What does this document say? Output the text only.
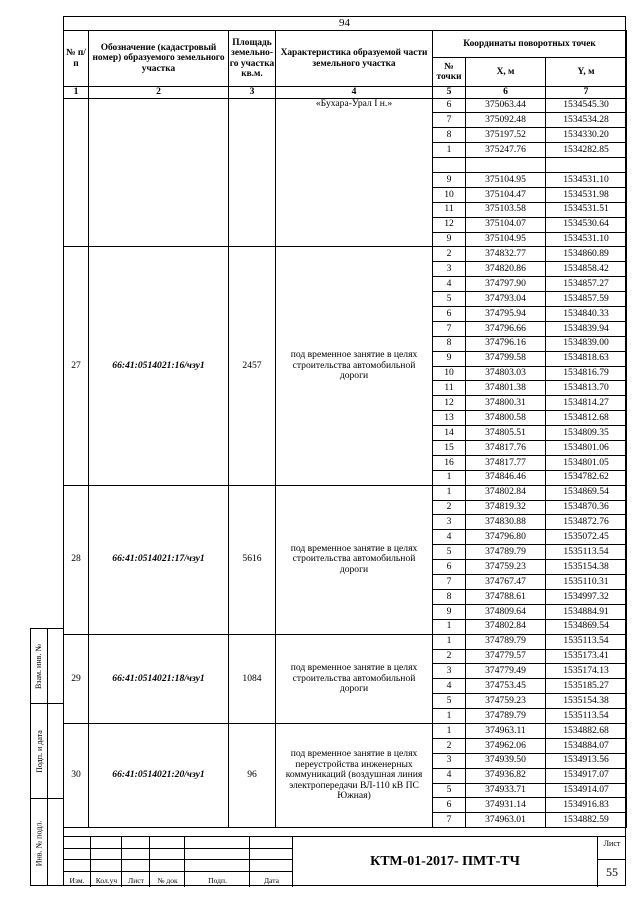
94
№ п/п	Обозначение (кадастровый номер) образуемого земельного участка	Площадь земельно-го участка кв.м.	Характеристика образуемой части земельного участка	Координаты поворотных точек		
				№ точки	X, м	Y, м
1	2	3	4	5	6	7
			«Бухара-Урал I н.»	6	375063.44	1534545.30
				7	375092.48	1534534.28
				8	375197.52	1534330.20
				1	375247.76	1534282.85

				9	375104.95	1534531.10
				10	375104.47	1534531.98
				11	375103.58	1534531.51
				12	375104.07	1534530.64
				9	375104.95	1534531.10
27	66:41:0514021:16/чзу1	2457	под временное занятие в целях строительства автомобильной дороги	2	374832.77	1534860.89
				3	374820.86	1534858.42
				4	374797.90	1534857.27
				5	374793.04	1534857.59
				6	374795.94	1534840.33
				7	374796.66	1534839.94
				8	374796.16	1534839.00
				9	374799.58	1534818.63
				10	374803.03	1534816.79
				11	374801.38	1534813.70
				12	374800.31	1534814.27
				13	374800.58	1534812.68
				14	374805.51	1534809.35
				15	374817.76	1534801.06
				16	374817.77	1534801.05
				1	374846.46	1534782.62
28	66:41:0514021:17/чзу1	5616	под временное занятие в целях строительства автомобильной дороги	1	374802.84	1534869.54
				2	374819.32	1534870.36
				3	374830.88	1534872.76
				4	374796.80	1535072.45
				5	374789.79	1535113.54
				6	374759.23	1535154.38
				7	374767.47	1535110.31
				8	374788.61	1534997.32
				9	374809.64	1534884.91
				1	374802.84	1534869.54
29	66:41:0514021:18/чзу1	1084	под временное занятие в целях строительства автомобильной дороги	1	374789.79	1535113.54
				2	374779.57	1535173.41
				3	374779.49	1535174.13
				4	374753.45	1535185.27
				5	374759.23	1535154.38
				1	374789.79	1535113.54
30	66:41:0514021:20/чзу1	96	под временное занятие в целях переустройства инженерных коммуникаций (воздушная линия электропередачи ВЛ-110 кВ ПС Южная)	1	374963.11	1534882.68
				2	374962.06	1534884.07
				3	374939.50	1534913.56
				4	374936.82	1534917.07
				5	374933.71	1534914.07
				6	374931.14	1534916.83
				7	374963.01	1534882.59
Изм.	Кол.уч	Лист	№ док	Подп.	Дата
КТМ-01-2017- ПМТ-ТЧ
Лист
55
Взам. инв. №
Подп. и дата
Инв. № подл.
